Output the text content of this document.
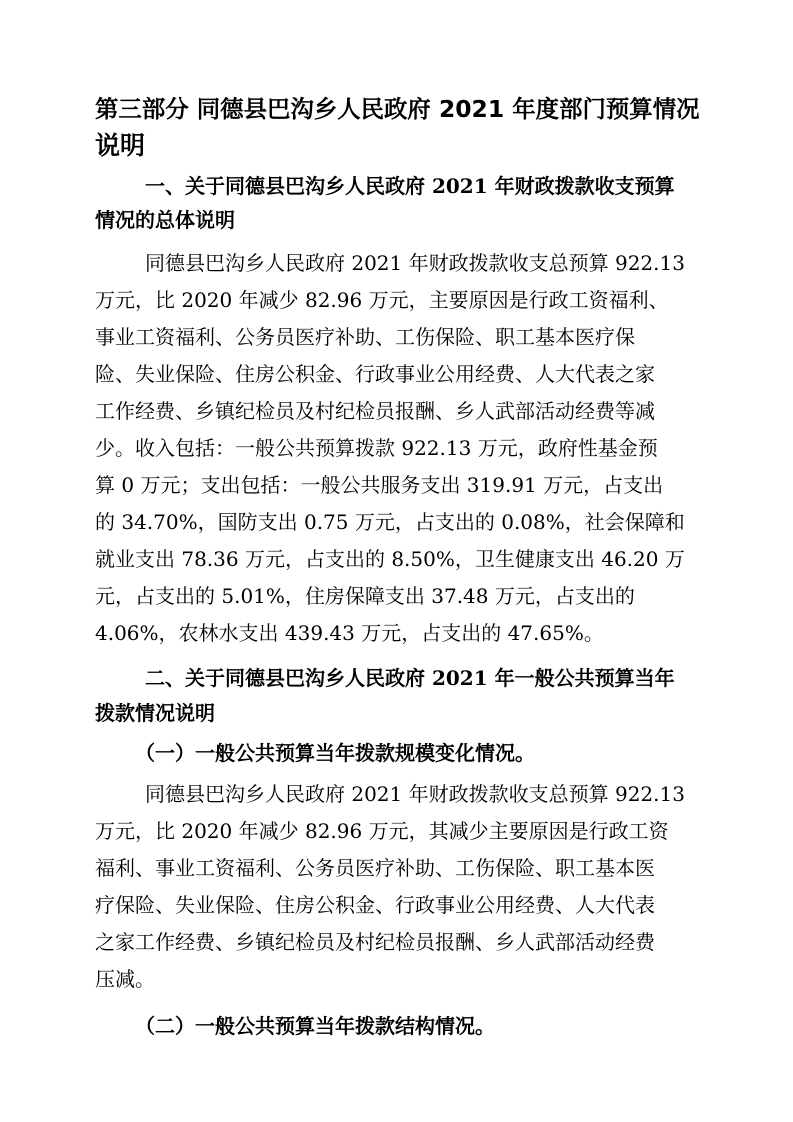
第三部分 同德县巴沟乡人民政府 2021 年度部门预算情况
说明
一、关于同德县巴沟乡人民政府 2021 年财政拨款收支预算
情况的总体说明
同德县巴沟乡人民政府 2021 年财政拨款收支总预算 922.13
万元，比 2020 年减少 82.96 万元，主要原因是行政工资福利、
事业工资福利、公务员医疗补助、工伤保险、职工基本医疗保
险、失业保险、住房公积金、行政事业公用经费、人大代表之家
工作经费、乡镇纪检员及村纪检员报酬、乡人武部活动经费等减
少。收入包括：一般公共预算拨款 922.13 万元，政府性基金预
算 0 万元；支出包括：一般公共服务支出 319.91 万元，占支出
的 34.70%，国防支出 0.75 万元，占支出的 0.08%，社会保障和
就业支出 78.36 万元，占支出的 8.50%，卫生健康支出 46.20 万
元，占支出的 5.01%，住房保障支出 37.48 万元，占支出的
4.06%，农林水支出 439.43 万元，占支出的 47.65%。
二、关于同德县巴沟乡人民政府 2021 年一般公共预算当年
拨款情况说明
（一）一般公共预算当年拨款规模变化情况。
同德县巴沟乡人民政府 2021 年财政拨款收支总预算 922.13
万元，比 2020 年减少 82.96 万元，其减少主要原因是行政工资
福利、事业工资福利、公务员医疗补助、工伤保险、职工基本医
疗保险、失业保险、住房公积金、行政事业公用经费、人大代表
之家工作经费、乡镇纪检员及村纪检员报酬、乡人武部活动经费
压减。
（二）一般公共预算当年拨款结构情况。
